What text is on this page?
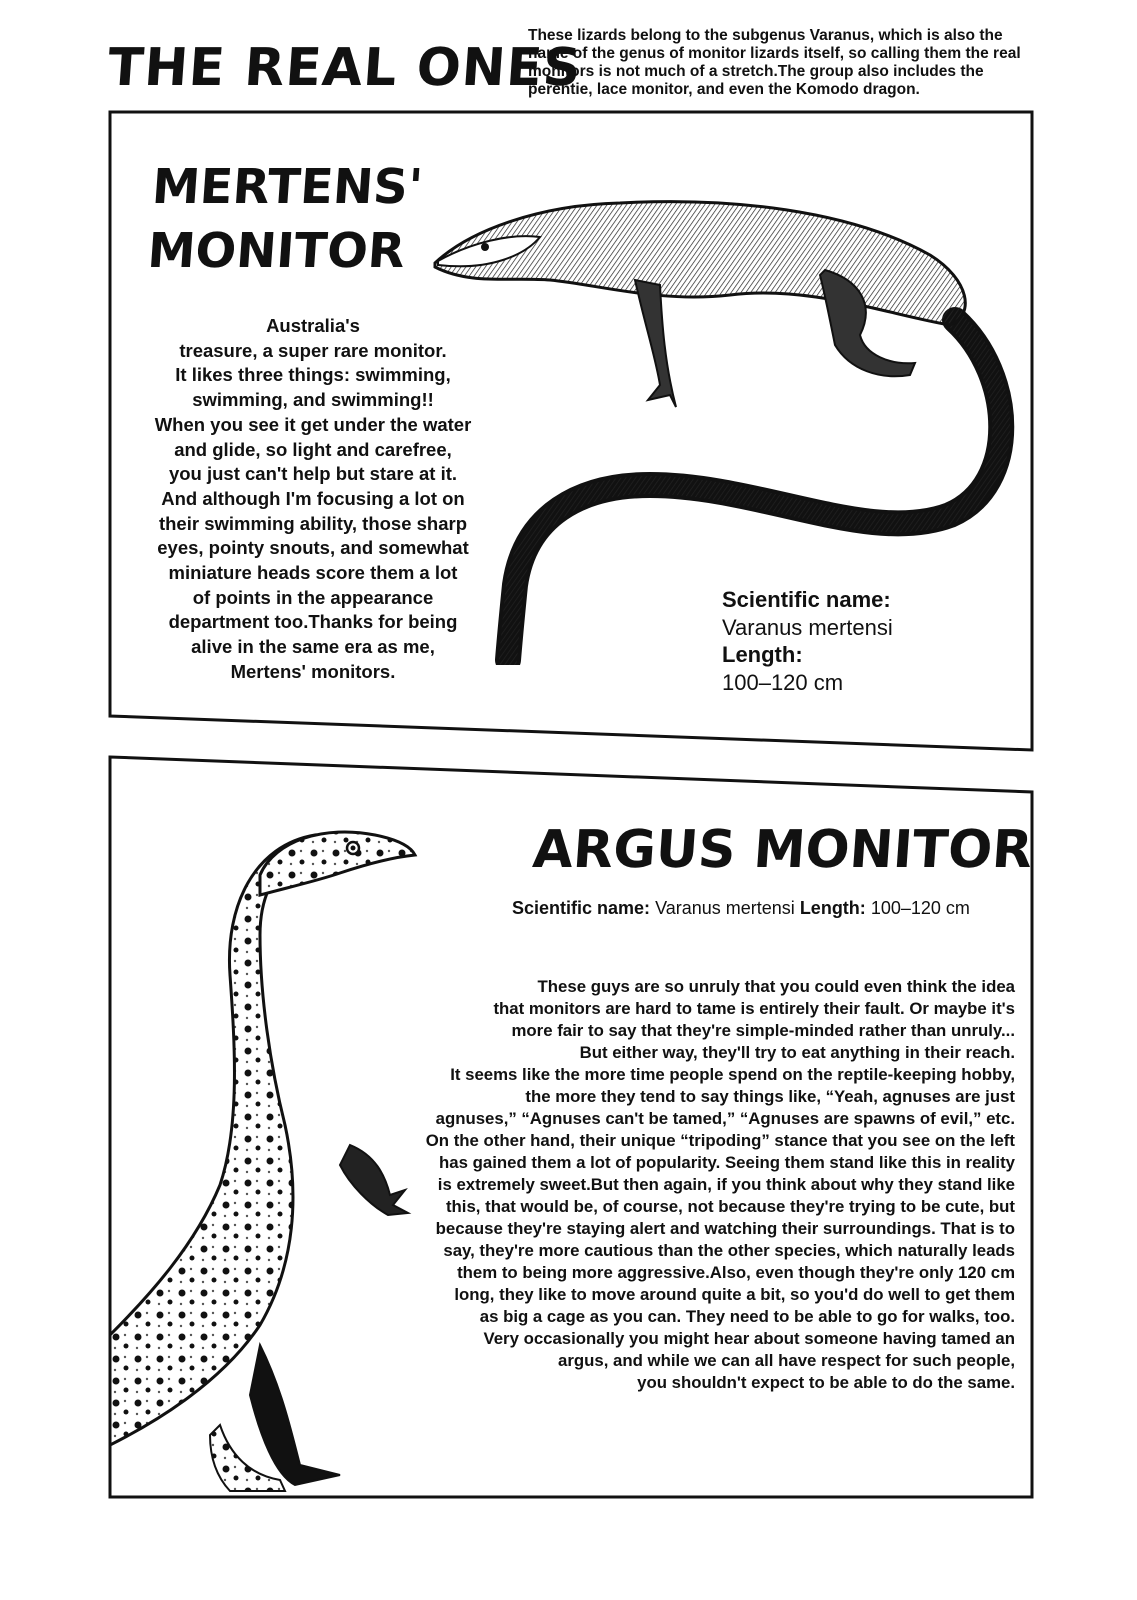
THE REAL ONES

These lizards belong to the subgenus Varanus, which is also the name of the genus of monitor lizards itself, so calling them the real monitors is not much of a stretch.The group also includes the perentie, lace monitor, and even the Komodo dragon.

MERTENS'
MONITOR

Australia's
treasure, a super rare monitor.
It likes three things: swimming,
swimming, and swimming!!
When you see it get under the water
and glide, so light and carefree,
you just can't help but stare at it.
And although I'm focusing a lot on
their swimming ability, those sharp
eyes, pointy snouts, and somewhat
miniature heads score them a lot
of points in the appearance
department too.Thanks for being
alive in the same era as me,
Mertens' monitors.

Scientific name:
Varanus mertensi
Length:
100–120 cm
ARGUS MONITOR

Scientific name: Varanus mertensi Length: 100–120 cm

These guys are so unruly that you could even think the idea
that monitors are hard to tame is entirely their fault. Or maybe it's
more fair to say that they're simple-minded rather than unruly...
But either way, they'll try to eat anything in their reach.
It seems like the more time people spend on the reptile-keeping hobby,
the more they tend to say things like, “Yeah, agnuses are just
agnuses,” “Agnuses can't be tamed,” “Agnuses are spawns of evil,” etc.
On the other hand, their unique “tripoding” stance that you see on the left
has gained them a lot of popularity. Seeing them stand like this in reality
is extremely sweet.But then again, if you think about why they stand like
this, that would be, of course, not because they're trying to be cute, but
because they're staying alert and watching their surroundings. That is to
say, they're more cautious than the other species, which naturally leads
them to being more aggressive.Also, even though they're only 120 cm
long, they like to move around quite a bit, so you'd do well to get them
as big a cage as you can. They need to be able to go for walks, too.
Very occasionally you might hear about someone having tamed an
argus, and while we can all have respect for such people,
you shouldn't expect to be able to do the same.
